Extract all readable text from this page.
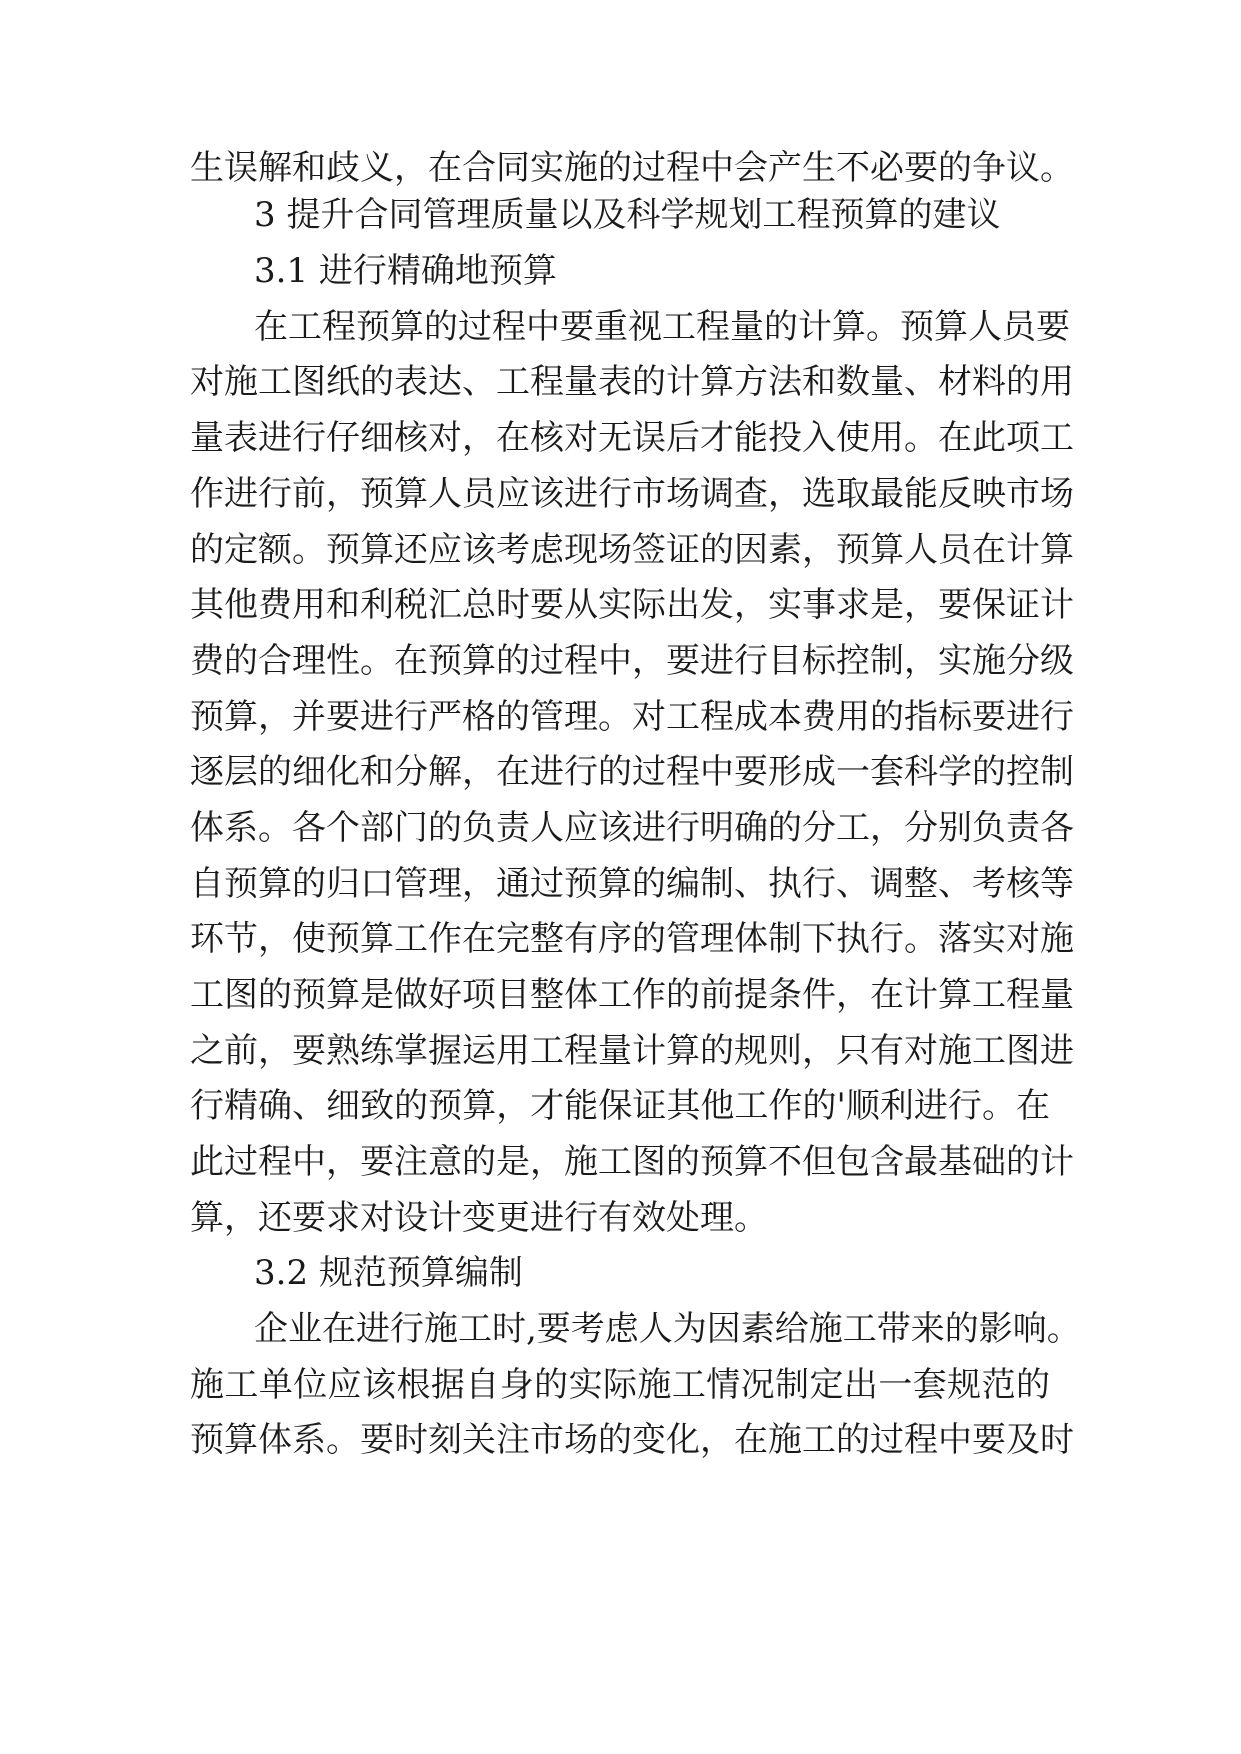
生误解和歧义，在合同实施的过程中会产生不必要的争议。
3 提升合同管理质量以及科学规划工程预算的建议
3.1 进行精确地预算
在工程预算的过程中要重视工程量的计算。预算人员要
对施工图纸的表达、工程量表的计算方法和数量、材料的用
量表进行仔细核对，在核对无误后才能投入使用。在此项工
作进行前，预算人员应该进行市场调查，选取最能反映市场
的定额。预算还应该考虑现场签证的因素，预算人员在计算
其他费用和利税汇总时要从实际出发，实事求是，要保证计
费的合理性。在预算的过程中，要进行目标控制，实施分级
预算，并要进行严格的管理。对工程成本费用的指标要进行
逐层的细化和分解，在进行的过程中要形成一套科学的控制
体系。各个部门的负责人应该进行明确的分工，分别负责各
自预算的归口管理，通过预算的编制、执行、调整、考核等
环节，使预算工作在完整有序的管理体制下执行。落实对施
工图的预算是做好项目整体工作的前提条件，在计算工程量
之前，要熟练掌握运用工程量计算的规则，只有对施工图进
行精确、细致的预算，才能保证其他工作的'顺利进行。在
此过程中，要注意的是，施工图的预算不但包含最基础的计
算，还要求对设计变更进行有效处理。
3.2 规范预算编制
企业在进行施工时,要考虑人为因素给施工带来的影响。
施工单位应该根据自身的实际施工情况制定出一套规范的
预算体系。要时刻关注市场的变化，在施工的过程中要及时
